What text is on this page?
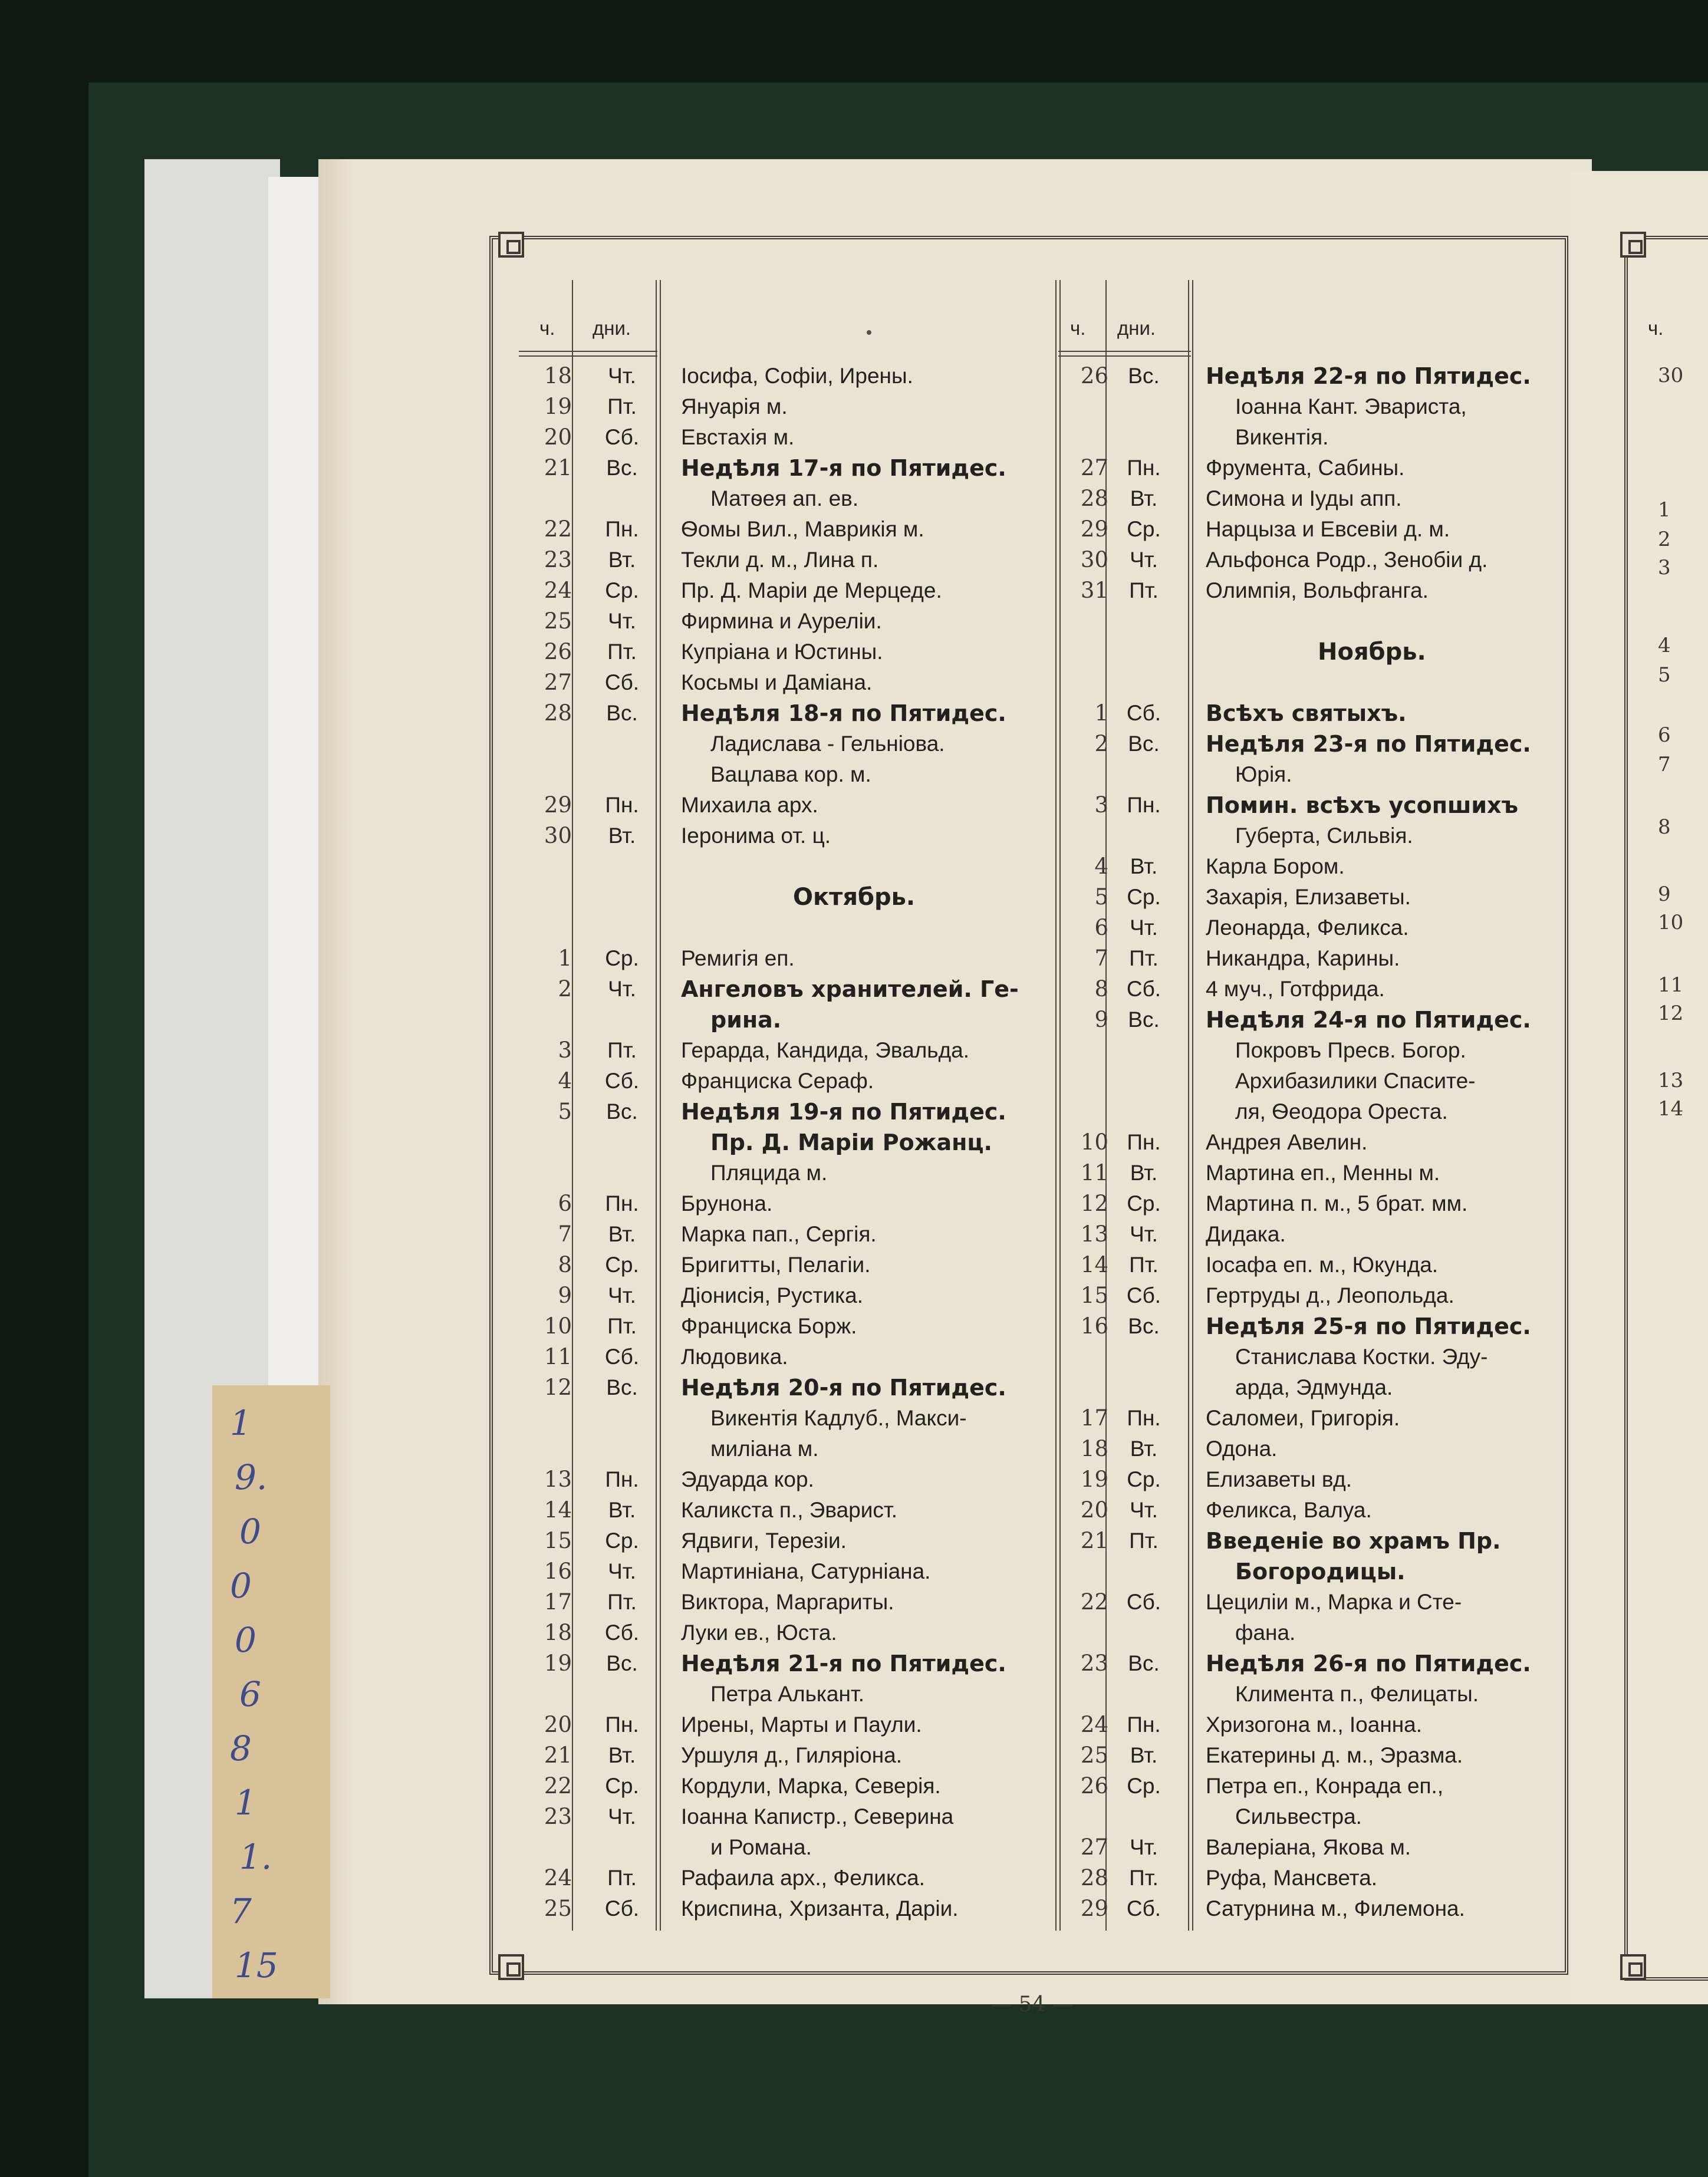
1
9.
0
0
0
6
8
1
1.
7
15
ч. дни.	ч. дни.	ч.
18	Чт.	Іосифа, Софіи, Ирены.
19	Пт.	Януарія м.
20	Сб.	Евстахія м.
21	Вс.	Недѣля 17-я по Пятидес.
Матѳея ап. ев.
22	Пн.	Ѳомы Вил., Маврикія м.
23	Вт.	Текли д. м., Лина п.
24	Ср.	Пр. Д. Маріи де Мерцеде.
25	Чт.	Фирмина и Ауреліи.
26	Пт.	Купріана и Юстины.
27	Сб.	Косьмы и Даміана.
28	Вс.	Недѣля 18-я по Пятидес.
Ладислава - Гельніова.
Вацлава кор. м.
29	Пн.	Михаила арх.
30	Вт.	Іеронима от. ц.
Октябрь.
1	Ср.	Ремигія еп.
2	Чт.	Ангеловъ хранителей. Ге-
рина.
3	Пт.	Герарда, Кандида, Эвальда.
4	Сб.	Франциска Сераф.
5	Вс.	Недѣля 19-я по Пятидес.
Пр. Д. Маріи Рожанц.
Пляцида м.
6	Пн.	Брунона.
7	Вт.	Марка пап., Сергія.
8	Ср.	Бригитты, Пелагіи.
9	Чт.	Діонисія, Рустика.
10	Пт.	Франциска Борж.
11	Сб.	Людовика.
12	Вс.	Недѣля 20-я по Пятидес.
Викентія Кадлуб., Макси-
миліана м.
13	Пн.	Эдуарда кор.
14	Вт.	Каликста п., Эварист.
15	Ср.	Ядвиги, Терезіи.
16	Чт.	Мартиніана, Сатурніана.
17	Пт.	Виктора, Маргариты.
18	Сб.	Луки ев., Юста.
19	Вс.	Недѣля 21-я по Пятидес.
Петра Алькант.
20	Пн.	Ирены, Марты и Паули.
21	Вт.	Уршуля д., Гиляріона.
22	Ср.	Кордули, Марка, Северія.
23	Чт.	Іоанна Капистр., Северина
и Романа.
24	Пт.	Рафаила арх., Феликса.
25	Сб.	Криспина, Хризанта, Даріи.
26 Вс.	Недѣля 22-я по Пятидес.
Іоанна Кант. Эвариста,
Викентія.
27 Пн.	Фрумента, Сабины.
28 Вт.	Симона и Іуды апп.
29 Ср.	Нарцыза и Евсевіи д. м.
30 Чт.	Альфонса Родр., Зенобіи д.
31 Пт.	Олимпія, Вольфганга.
Ноябрь.
1 Сб.	Всѣхъ святыхъ.
2 Вс.	Недѣля 23-я по Пятидес.
Юрія.
3 Пн.	Помин. всѣхъ усопшихъ
Губерта, Сильвія.
4 Вт.	Карла Бором.
5 Ср.	Захарія, Елизаветы.
6 Чт.	Леонарда, Феликса.
7 Пт.	Никандра, Карины.
8 Сб.	4 муч., Готфрида.
9 Вс.	Недѣля 24-я по Пятидес.
Покровъ Пресв. Богор.
Архибазилики Спасите-
ля, Ѳеодора Ореста.
10 Пн.	Андрея Авелин.
11 Вт.	Мартина еп., Менны м.
12 Ср.	Мартина п. м., 5 брат. мм.
13 Чт.	Дидака.
14 Пт.	Іосафа еп. м., Юкунда.
15 Сб.	Гертруды д., Леопольда.
16 Вс.	Недѣля 25-я по Пятидес.
Станислава Костки. Эду-
арда, Эдмунда.
17 Пн.	Саломеи, Григорія.
18 Вт.	Одона.
19 Ср.	Елизаветы вд.
20 Чт.	Феликса, Валуа.
21 Пт.	Введеніе во храмъ Пр.
Богородицы.
22 Сб.	Цециліи м., Марка и Сте-
фана.
23 Вс.	Недѣля 26-я по Пятидес.
Климента п., Фелицаты.
24 Пн.	Хризогона м., Іоанна.
25 Вт.	Екатерины д. м., Эразма.
26 Ср.	Петра еп., Конрада еп.,
Сильвестра.
27 Чт.	Валеріана, Якова м.
28 Пт.	Руфа, Мансвета.
29 Сб.	Сатурнина м., Филемона.
30
1
2
3
4
5
6
7
8
9
10
11
12
13
14
— 54 —
